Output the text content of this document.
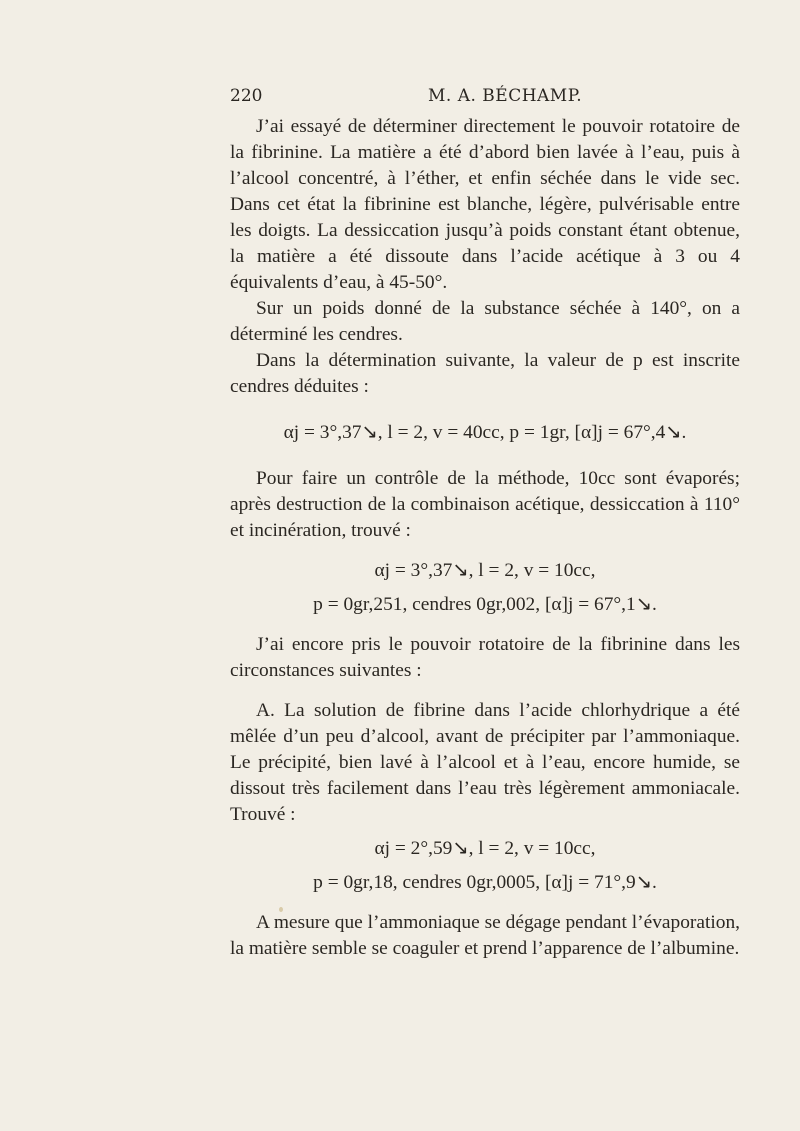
220	M. A. BÉCHAMP.

J’ai essayé de déterminer directement le pouvoir rotatoire de la fibrinine. La matière a été d’abord bien lavée à l’eau, puis à l’alcool concentré, à l’éther, et enfin séchée dans le vide sec. Dans cet état la fibrinine est blanche, légère, pulvérisable entre les doigts. La dessiccation jusqu’à poids constant étant obtenue, la matière a été dissoute dans l’acide acétique à 3 ou 4 équivalents d’eau, à 45-50°.

Sur un poids donné de la substance séchée à 140°, on a déterminé les cendres.

Dans la détermination suivante, la valeur de p est inscrite cendres déduites :

αj = 3°,37↘, l = 2, v = 40cc, p = 1gr, [α]j = 67°,4↘.

Pour faire un contrôle de la méthode, 10cc sont évaporés; après destruction de la combinaison acétique, dessiccation à 110° et incinération, trouvé :

αj = 3°,37↘, l = 2, v = 10cc,
p = 0gr,251, cendres 0gr,002, [α]j = 67°,1↘.

J’ai encore pris le pouvoir rotatoire de la fibrinine dans les circonstances suivantes :

A. La solution de fibrine dans l’acide chlorhydrique a été mêlée d’un peu d’alcool, avant de précipiter par l’ammoniaque. Le précipité, bien lavé à l’alcool et à l’eau, encore humide, se dissout très facilement dans l’eau très légèrement ammoniacale. Trouvé :

αj = 2°,59↘, l = 2, v = 10cc,
p = 0gr,18, cendres 0gr,0005, [α]j = 71°,9↘.

A mesure que l’ammoniaque se dégage pendant l’évaporation, la matière semble se coaguler et prend l’apparence de l’albumine.
